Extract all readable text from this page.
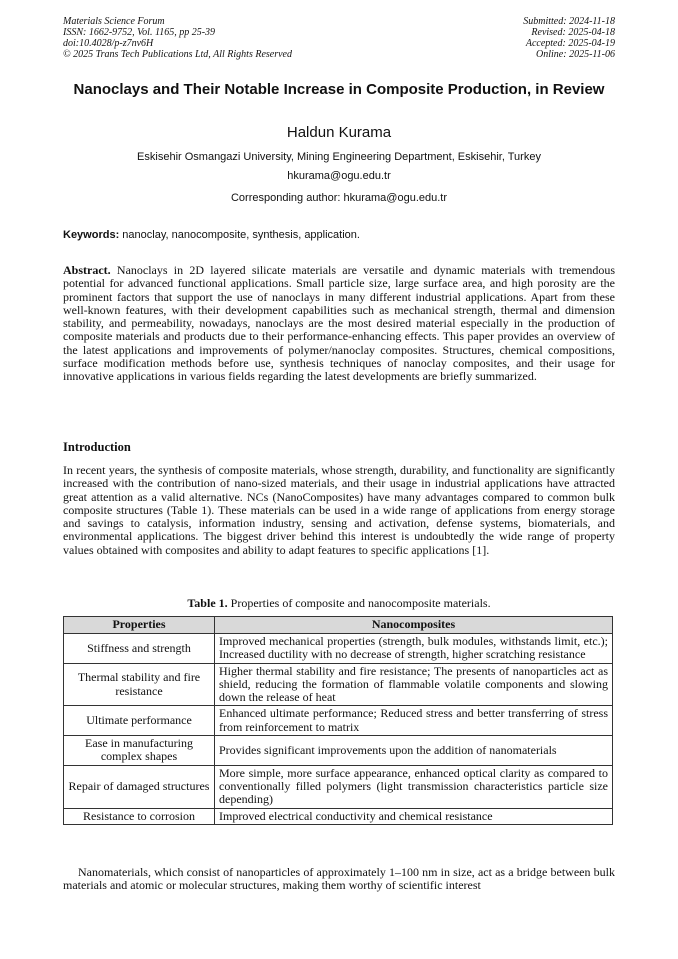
Materials Science Forum
ISSN: 1662-9752, Vol. 1165, pp 25-39
doi:10.4028/p-z7nv6H
© 2025 Trans Tech Publications Ltd, All Rights Reserved
Submitted: 2024-11-18
Revised: 2025-04-18
Accepted: 2025-04-19
Online: 2025-11-06
Nanoclays and Their Notable Increase in Composite Production, in Review
Haldun Kurama
Eskisehir Osmangazi University, Mining Engineering Department, Eskisehir, Turkey
hkurama@ogu.edu.tr
Corresponding author: hkurama@ogu.edu.tr
Keywords: nanoclay, nanocomposite, synthesis, application.
Abstract. Nanoclays in 2D layered silicate materials are versatile and dynamic materials with tremendous potential for advanced functional applications. Small particle size, large surface area, and high porosity are the prominent factors that support the use of nanoclays in many different industrial applications. Apart from these well-known features, with their development capabilities such as mechanical strength, thermal and dimension stability, and permeability, nowadays, nanoclays are the most desired material especially in the production of composite materials and products due to their performance-enhancing effects. This paper provides an overview of the latest applications and improvements of polymer/nanoclay composites. Structures, chemical compositions, surface modification methods before use, synthesis techniques of nanoclay composites, and their usage for innovative applications in various fields regarding the latest developments are briefly summarized.
Introduction
In recent years, the synthesis of composite materials, whose strength, durability, and functionality are significantly increased with the contribution of nano-sized materials, and their usage in industrial applications have attracted great attention as a valid alternative. NCs (NanoComposites) have many advantages compared to common bulk composite structures (Table 1). These materials can be used in a wide range of applications from energy storage and savings to catalysis, information industry, sensing and activation, defense systems, biomaterials, and environmental applications. The biggest driver behind this interest is undoubtedly the wide range of property values obtained with composites and ability to adapt features to specific applications [1].
Table 1. Properties of composite and nanocomposite materials.
Properties	Nanocomposites
Stiffness and strength	Improved mechanical properties (strength, bulk modules, withstands limit, etc.); Increased ductility with no decrease of strength, higher scratching resistance
Thermal stability and fire resistance	Higher thermal stability and fire resistance; The presents of nanoparticles act as shield, reducing the formation of flammable volatile components and slowing down the release of heat
Ultimate performance	Enhanced ultimate performance; Reduced stress and better transferring of stress from reinforcement to matrix
Ease in manufacturing complex shapes	Provides significant improvements upon the addition of nanomaterials
Repair of damaged structures	More simple, more surface appearance, enhanced optical clarity as compared to conventionally filled polymers (light transmission characteristics particle size depending)
Resistance to corrosion	Improved electrical conductivity and chemical resistance
Nanomaterials, which consist of nanoparticles of approximately 1–100 nm in size, act as a bridge between bulk materials and atomic or molecular structures, making them worthy of scientific interest
